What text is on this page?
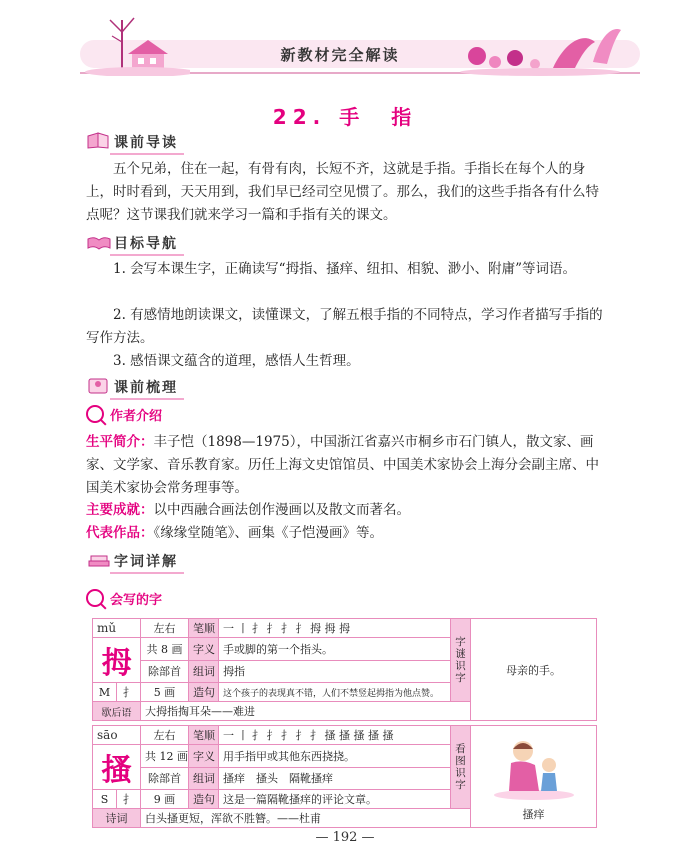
新教材完全解读
22. 手　指
课前导读
五个兄弟，住在一起，有骨有肉，长短不齐，这就是手指。手指长在每个人的身上，时时看到，天天用到，我们早已经司空见惯了。那么，我们的这些手指各有什么特点呢？这节课我们就来学习一篇和手指有关的课文。
目标导航
1. 会写本课生字，正确读写“拇指、搔痒、纽扣、相貌、渺小、附庸”等词语。
2. 有感情地朗读课文，读懂课文，了解五根手指的不同特点，学习作者描写手指的写作方法。
3. 感悟课文蕴含的道理，感悟人生哲理。
课前梳理
作者介绍
生平简介：丰子恺（1898—1975），中国浙江省嘉兴市桐乡市石门镇人，散文家、画家、文学家、音乐教育家。历任上海文史馆馆员、中国美术家协会上海分会副主席、中国美术家协会常务理事等。
主要成就：以中西融合画法创作漫画以及散文而著名。
代表作品：《缘缘堂随笔》、画集《子恺漫画》等。
字词详解
会写的字
mǔ		左右	笔顺	一 丨 扌 扌 扌 扌 拇 拇 拇	字谜识字	母亲的手。
拇		共 8 画	字义	手或脚的第一个指头。		
		除部首	组词	拇指		
M	扌	5 画	造句	这个孩子的表现真不错，人们不禁竖起拇指为他点赞。		
歇后语		大拇指掏耳朵——难进				
sāo		左右	笔顺	一 丨 扌 扌 扌 扌 扌 搔 搔 搔 搔 搔	看图识字	搔痒

搔		共 12 画	字义	用手指甲或其他东西挠挠。		
		除部首	组词	搔痒　搔头　隔靴搔痒		
S	扌	9 画	造句	这是一篇隔靴搔痒的评论文章。		
诗词		白头搔更短，浑欲不胜簪。——杜甫				
— 192 —
